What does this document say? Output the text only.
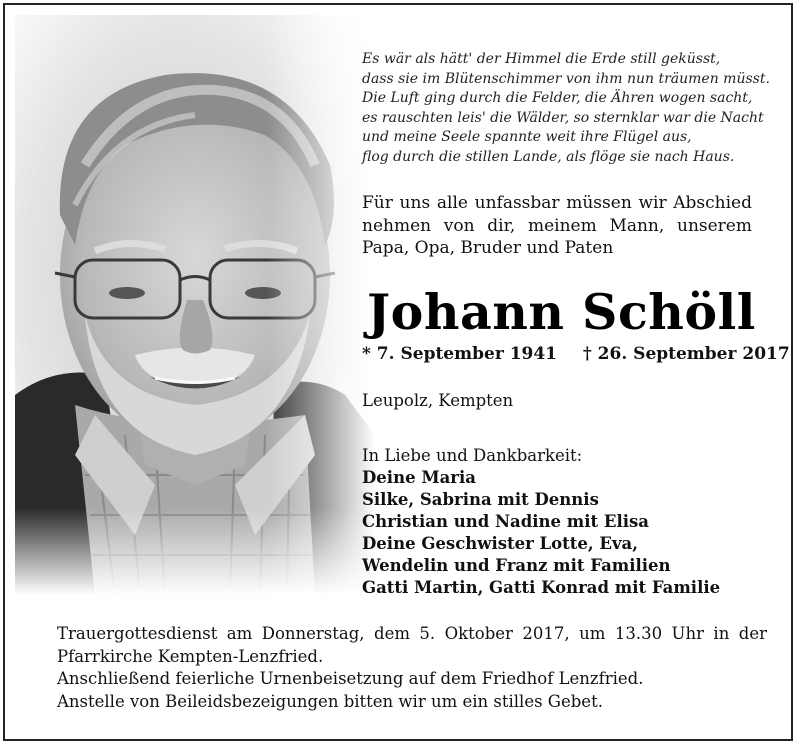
Es wär als hätt' der Himmel die Erde still geküsst,
dass sie im Blütenschimmer von ihm nun träumen müsst.
Die Luft ging durch die Felder, die Ähren wogen sacht,
es rauschten leis' die Wälder, so sternklar war die Nacht
und meine Seele spannte weit ihre Flügel aus,
flog durch die stillen Lande, als flöge sie nach Haus.
Für uns alle unfassbar müssen wir Abschied
nehmen von dir, meinem Mann, unserem
Papa, Opa, Bruder und Paten
Johann Schöll
* 7. September 1941 † 26. September 2017
Leupolz, Kempten
In Liebe und Dankbarkeit:
Deine Maria
Silke, Sabrina mit Dennis
Christian und Nadine mit Elisa
Deine Geschwister Lotte, Eva,
Wendelin und Franz mit Familien
Gatti Martin, Gatti Konrad mit Familie
Trauergottesdienst am Donnerstag, dem 5. Oktober 2017, um 13.30 Uhr in der
Pfarrkirche Kempten-Lenzfried.
Anschließend feierliche Urnenbeisetzung auf dem Friedhof Lenzfried.
Anstelle von Beileidsbezeigungen bitten wir um ein stilles Gebet.
